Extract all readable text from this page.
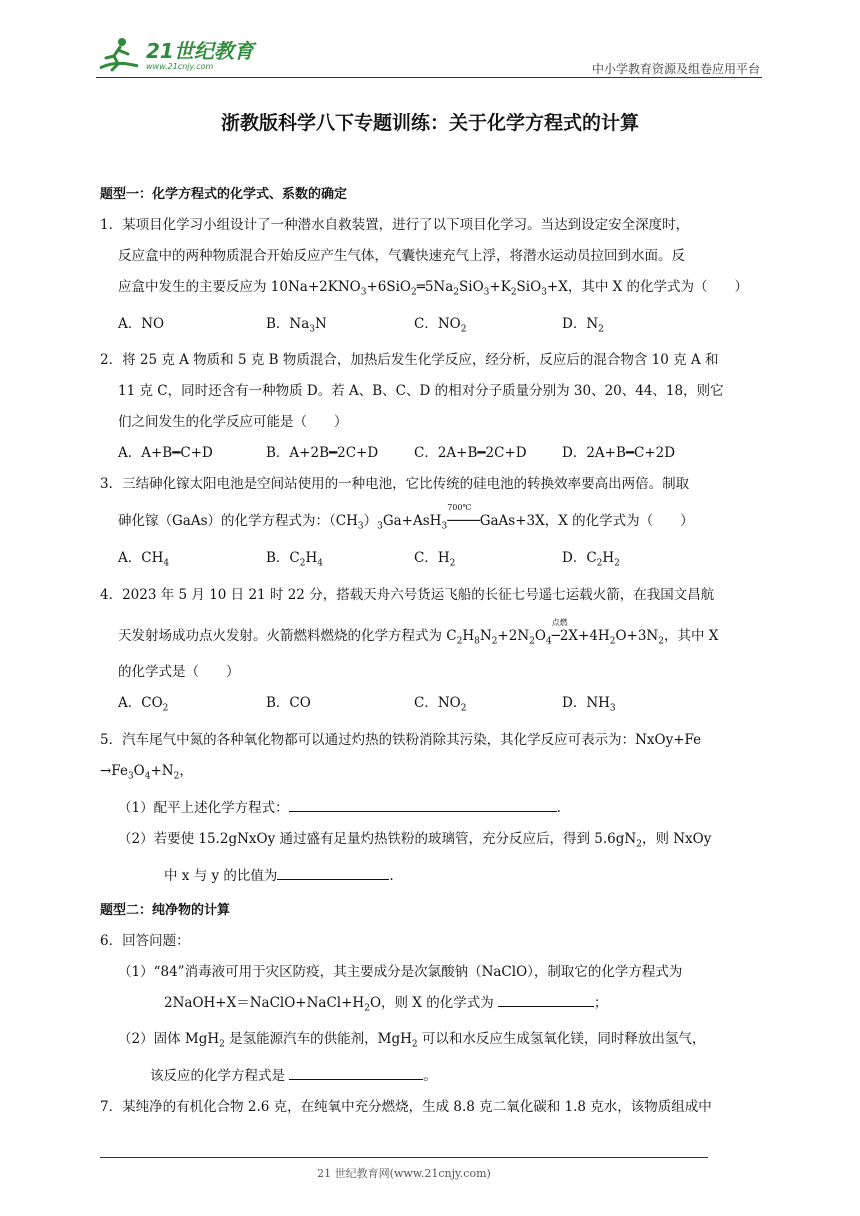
21世纪教育
www.21cnjy.com	中小学教育资源及组卷应用平台
浙教版科学八下专题训练：关于化学方程式的计算
题型一：化学方程式的化学式、系数的确定
1．某项目化学习小组设计了一种潜水自救装置，进行了以下项目化学习。当达到设定安全深度时，
反应盒中的两种物质混合开始反应产生气体，气囊快速充气上浮，将潜水运动员拉回到水面。反
应盒中发生的主要反应为 $10Na+2KNO_3+6SiO_2═5Na_2SiO_3+K_2SiO_3+X$，其中 X 的化学式为（　　）
A．NO	B．$Na_3N$	C．$NO_2$	D．$N_2$
2．将 25 克 A 物质和 5 克 B 物质混合，加热后发生化学反应，经分析，反应后的混合物含 10 克 A 和
11 克 C，同时还含有一种物质 D。若 A、B、C、D 的相对分子质量分别为 30、20、44、18，则它
们之间发生的化学反应可能是（　　）
A．A+B━C+D	B．A+2B━2C+D	C．2A+B━2C+D	D．2A+B━C+2D
3．三结砷化镓太阳电池是空间站使用的一种电池，它比传统的硅电池的转换效率要高出两倍。制取
砷化镓（GaAs）的化学方程式为：$(CH_3)_3Ga+AsH_3$
700℃
────GaAs+3X，X 的化学式为（　　）
A．$CH_4$	B．$C_2H_4$	C．$H_2$	D．$C_2H_2$
4．2023 年 5 月 10 日 21 时 22 分，搭载天舟六号货运飞船的长征七号遥七运载火箭，在我国文昌航
天发射场成功点火发射。火箭燃料燃烧的化学方程式为 $C_2H_8N_2+2N_2O_4$
点燃
$─2X+4H_2O+3N_2$，其中 X
的化学式是（　　）
A．$CO_2$	B．CO	C．$NO_2$	D．$NH_3$
5．汽车尾气中氮的各种氧化物都可以通过灼热的铁粉消除其污染，其化学反应可表示为：NxOy+Fe
$\to Fe_3O_4+N_2$，
（1）配平上述化学方程式：	.
（2）若要使 15.2gNxOy 通过盛有足量灼热铁粉的玻璃管，充分反应后，得到 $5.6gN_2$，则 NxOy
中 x 与 y 的比值为	.
题型二：纯净物的计算
6．回答问题：
（1）“84”消毒液可用于灾区防疫，其主要成分是次氯酸钠（NaClO），制取它的化学方程式为
$2NaOH+X=NaClO+NaCl+H_2O$，则 X 的化学式为	；
（2）固体 MgH$_2$ 是氢能源汽车的供能剂，MgH$_2$ 可以和水反应生成氢氧化镁，同时释放出氢气，
该反应的化学方程式是	。
7．某纯净的有机化合物 2.6 克，在纯氧中充分燃烧，生成 8.8 克二氧化碳和 1.8 克水，该物质组成中
21 世纪教育网(www.21cnjy.com)
